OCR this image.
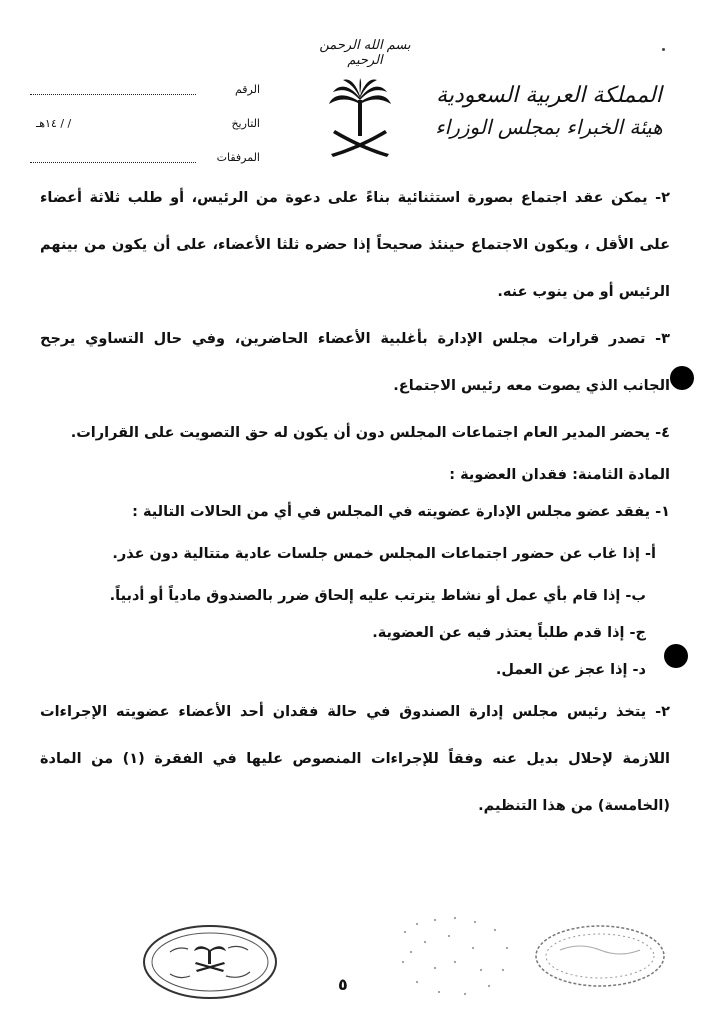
بسم الله الرحمن الرحيم
الرقم
التاريخ
/ / ١٤هـ
المرفقات
المملكة العربية السعودية
هيئة الخبراء بمجلس الوزراء

٢- يمكن عقد اجتماع بصورة استثنائية بناءً على دعوة من الرئيس، أو طلب ثلاثة أعضاء على الأقل ، ويكون الاجتماع حينئذ صحيحاً إذا حضره ثلثا الأعضاء، على أن يكون من بينهم الرئيس أو من ينوب عنه.

٣- تصدر قرارات مجلس الإدارة بأغلبية الأعضاء الحاضرين، وفي حال التساوي يرجح الجانب الذي يصوت معه رئيس الاجتماع.

٤- يحضر المدير العام اجتماعات المجلس دون أن يكون له حق التصويت على القرارات.

المادة الثامنة: فقدان العضوية :

١- يفقد عضو مجلس الإدارة عضويته في المجلس في أي من الحالات التالية :

أ- إذا غاب عن حضور اجتماعات المجلس خمس جلسات عادية متتالية دون عذر.

ب- إذا قام بأي عمل أو نشاط يترتب عليه إلحاق ضرر بالصندوق مادياً أو أدبياً.

ج- إذا قدم طلباً يعتذر فيه عن العضوية.

د- إذا عجز عن العمل.

٢- يتخذ رئيس مجلس إدارة الصندوق في حالة فقدان أحد الأعضاء عضويته الإجراءات اللازمة لإحلال بديل عنه وفقاً للإجراءات المنصوص عليها في الفقرة (١) من المادة (الخامسة) من هذا التنظيم.

٥
